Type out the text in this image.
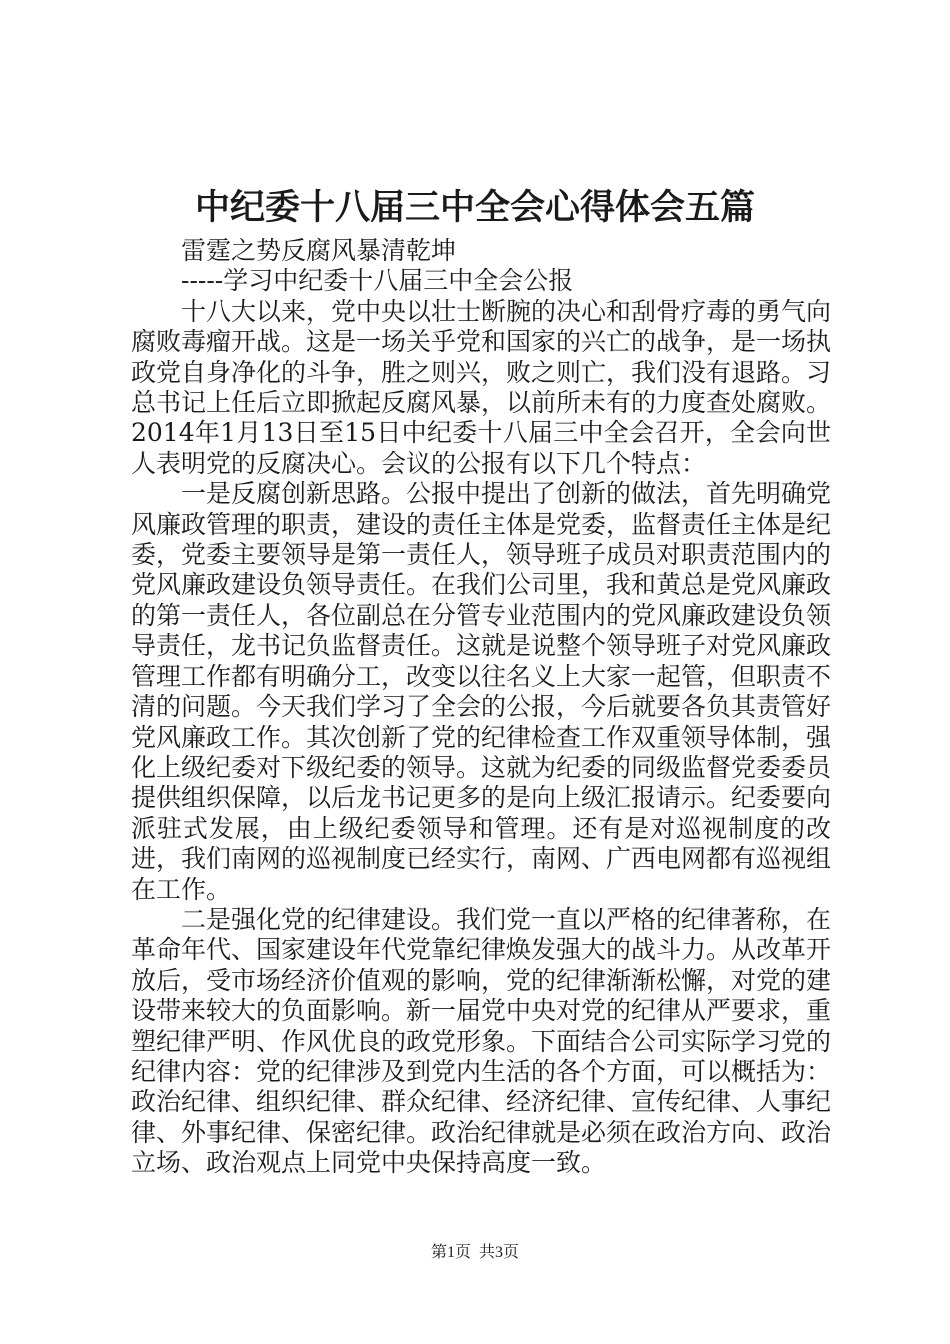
中纪委十八届三中全会心得体会五篇

雷霆之势反腐风暴清乾坤

-----学习中纪委十八届三中全会公报

十八大以来，党中央以壮士断腕的决心和刮骨疗毒的勇气向腐败毒瘤开战。这是一场关乎党和国家的兴亡的战争，是一场执政党自身净化的斗争，胜之则兴，败之则亡，我们没有退路。习总书记上任后立即掀起反腐风暴，以前所未有的力度查处腐败。2014年1月13日至15日中纪委十八届三中全会召开，全会向世人表明党的反腐决心。会议的公报有以下几个特点：

一是反腐创新思路。公报中提出了创新的做法，首先明确党风廉政管理的职责，建设的责任主体是党委，监督责任主体是纪委，党委主要领导是第一责任人，领导班子成员对职责范围内的党风廉政建设负领导责任。在我们公司里，我和黄总是党风廉政的第一责任人，各位副总在分管专业范围内的党风廉政建设负领导责任，龙书记负监督责任。这就是说整个领导班子对党风廉政管理工作都有明确分工，改变以往名义上大家一起管，但职责不清的问题。今天我们学习了全会的公报，今后就要各负其责管好党风廉政工作。其次创新了党的纪律检查工作双重领导体制，强化上级纪委对下级纪委的领导。这就为纪委的同级监督党委委员提供组织保障，以后龙书记更多的是向上级汇报请示。纪委要向派驻式发展，由上级纪委领导和管理。还有是对巡视制度的改进，我们南网的巡视制度已经实行，南网、广西电网都有巡视组在工作。

二是强化党的纪律建设。我们党一直以严格的纪律著称，在革命年代、国家建设年代党靠纪律焕发强大的战斗力。从改革开放后，受市场经济价值观的影响，党的纪律渐渐松懈，对党的建设带来较大的负面影响。新一届党中央对党的纪律从严要求，重塑纪律严明、作风优良的政党形象。下面结合公司实际学习党的纪律内容：党的纪律涉及到党内生活的各个方面，可以概括为：政治纪律、组织纪律、群众纪律、经济纪律、宣传纪律、人事纪律、外事纪律、保密纪律。政治纪律就是必须在政治方向、政治立场、政治观点上同党中央保持高度一致。

第1页 共3页
